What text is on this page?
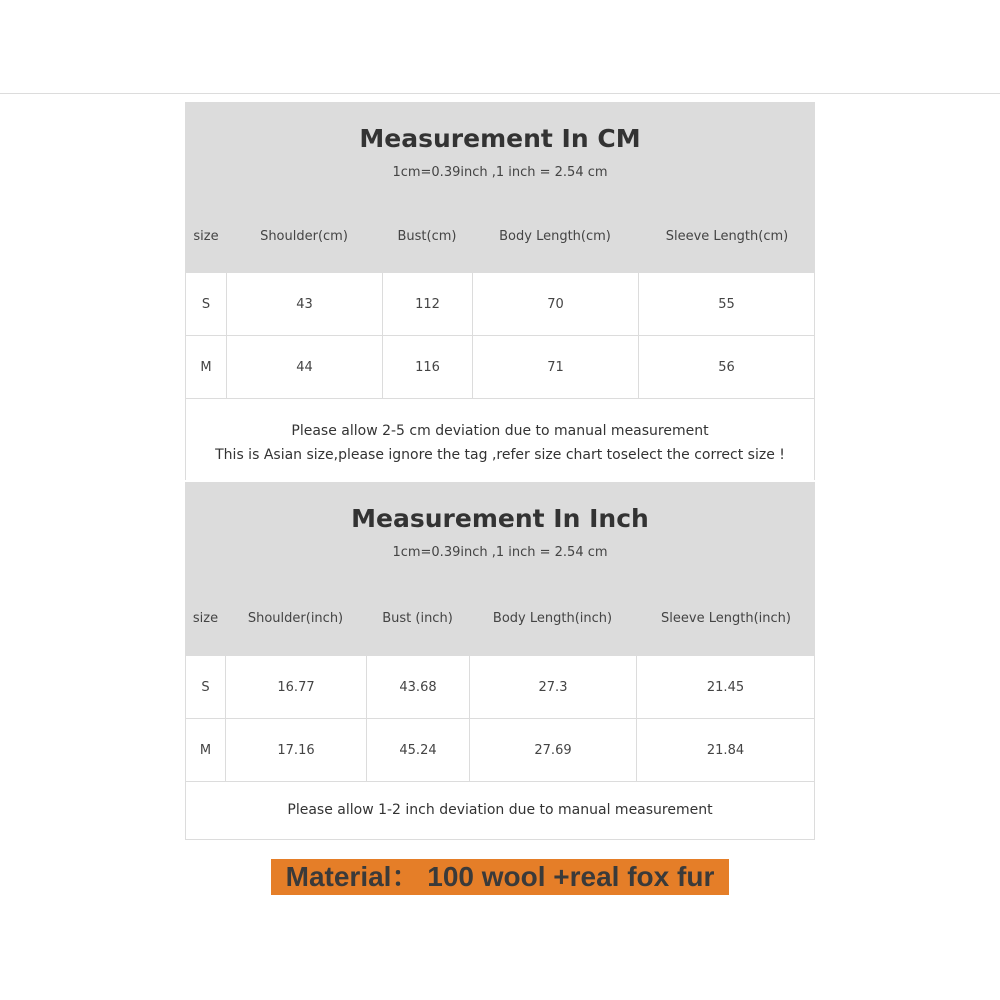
Measurement In CM
1cm=0.39inch ,1 inch = 2.54 cm
size	Shoulder(cm)	Bust(cm)	Body Length(cm)	Sleeve Length(cm)
S	43	112	70	55
M	44	116	71	56
Please allow 2-5 cm deviation due to manual measurement
This is Asian size,please ignore the tag ,refer size chart toselect the correct size !
Measurement In Inch
1cm=0.39inch ,1 inch = 2.54 cm
size	Shoulder(inch)	Bust (inch)	Body Length(inch)	Sleeve Length(inch)
S	16.77	43.68	27.3	21.45
M	17.16	45.24	27.69	21.84
Please allow 1-2 inch deviation due to manual measurement
Material： 100 wool +real fox fur
